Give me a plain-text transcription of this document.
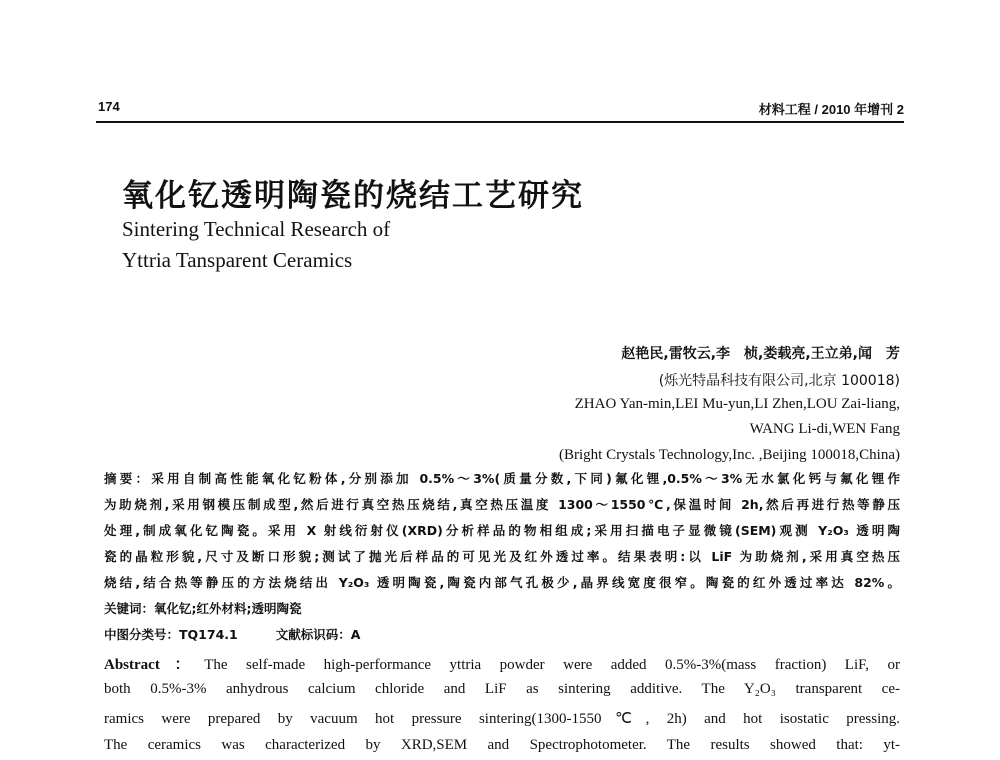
174	材料工程 / 2010 年增刊 2
氧化钇透明陶瓷的烧结工艺研究
Sintering Technical Research of
Yttria Tansparent Ceramics
赵艳民,雷牧云,李　桢,娄载亮,王立弟,闻　芳
(烁光特晶科技有限公司,北京 100018)
ZHAO Yan-min,LEI Mu-yun,LI Zhen,LOU Zai-liang,
WANG Li-di,WEN Fang
(Bright Crystals Technology,Inc. ,Beijing 100018,China)
摘要：采用自制高性能氧化钇粉体,分别添加 0.5%～3%(质量分数,下同)氟化锂,0.5%～3%无水氯化钙与氟化锂作
为助烧剂,采用钢模压制成型,然后进行真空热压烧结,真空热压温度 1300～1550℃,保温时间 2h,然后再进行热等静压
处理,制成氧化钇陶瓷。采用 X 射线衍射仪(XRD)分析样品的物相组成;采用扫描电子显微镜(SEM)观测 Y₂O₃ 透明陶
瓷的晶粒形貌,尺寸及断口形貌;测试了抛光后样品的可见光及红外透过率。结果表明:以 LiF 为助烧剂,采用真空热压
烧结,结合热等静压的方法烧结出 Y₂O₃ 透明陶瓷,陶瓷内部气孔极少,晶界线宽度很窄。陶瓷的红外透过率达 82%。
关键词：氧化钇;红外材料;透明陶瓷
中图分类号：TQ174.1	文献标识码：A
Abstract：The self-made high-performance yttria powder were added 0.5%-3%(mass fraction) LiF, or
both 0.5%-3% anhydrous calcium chloride and LiF as sintering additive. The Y₂O₃ transparent ce-
ramics were prepared by vacuum hot pressure sintering(1300-1550℃, 2h) and hot isostatic pressing.
The ceramics was characterized by XRD,SEM and Spectrophotometer. The results showed that: yt-
